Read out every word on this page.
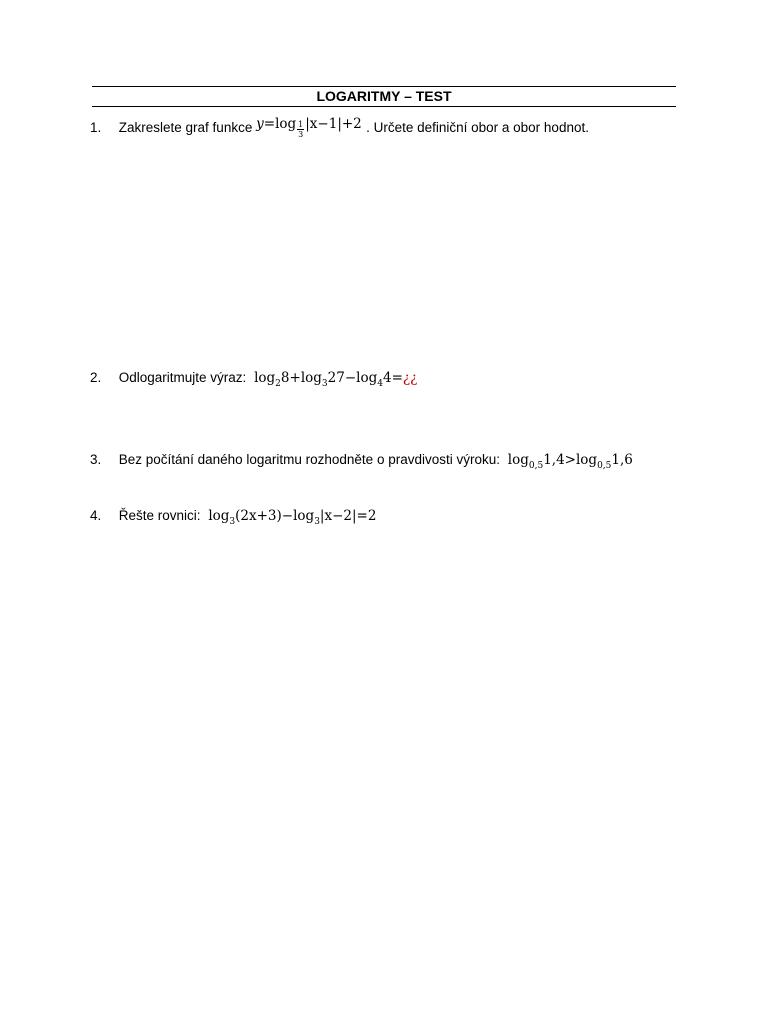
LOGARITMY – TEST
1. Zakreslete graf funkce $y=\log \frac{1}{3} |x-1|+2$ . Určete definiční obor a obor hodnot.
2. Odlogaritmujte výraz: $\log_28+\log_327-\log_44=¿¿$
3. Bez počítání daného logaritmu rozhodněte o pravdivosti výroku: $\log_{0,5}1,4>\log_{0,5}1,6$
4. Řešte rovnici: $\log_3(2x+3)-\log_3|x-2|=2$
